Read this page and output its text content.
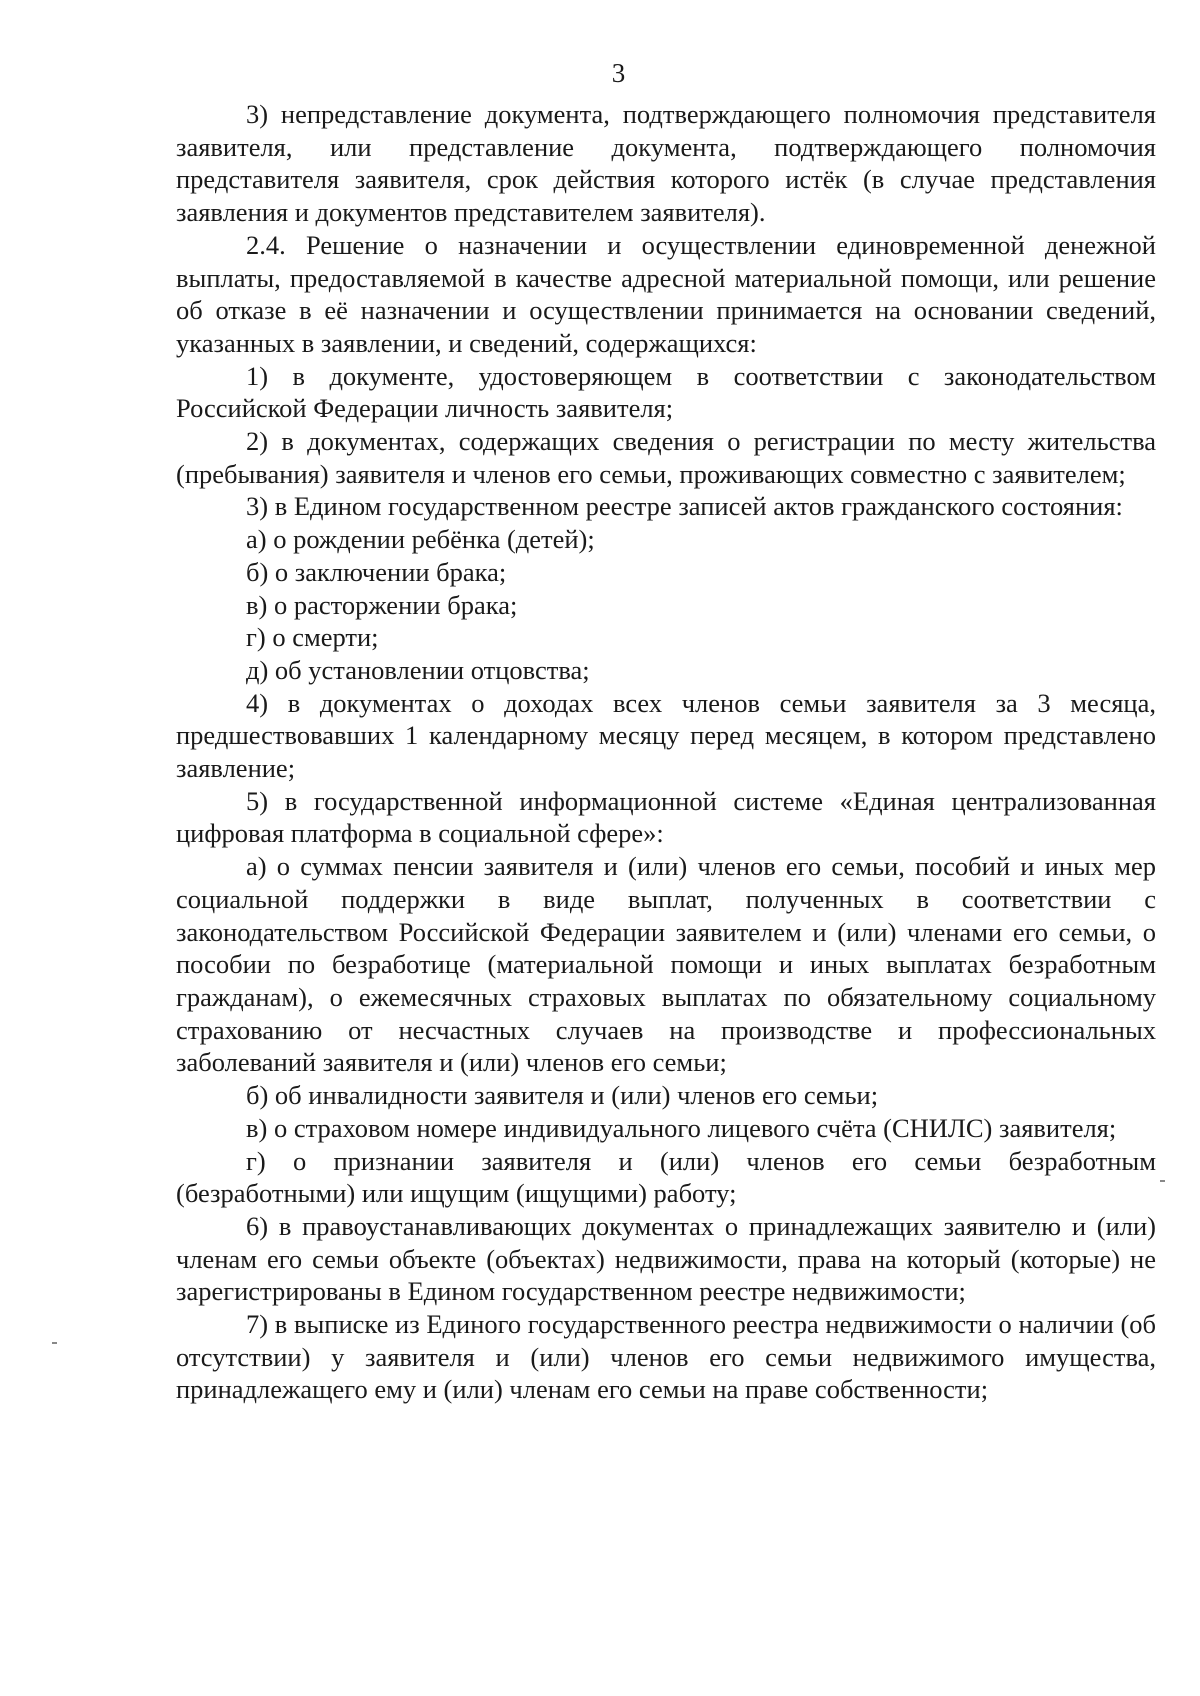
3

3) непредставление документа, подтверждающего полномочия представителя заявителя, или представление документа, подтверждающего полномочия представителя заявителя, срок действия которого истёк (в случае представления заявления и документов представителем заявителя).

2.4. Решение о назначении и осуществлении единовременной денежной выплаты, предоставляемой в качестве адресной материальной помощи, или решение об отказе в её назначении и осуществлении принимается на основании сведений, указанных в заявлении, и сведений, содержащихся:

1) в документе, удостоверяющем в соответствии с законодательством Российской Федерации личность заявителя;

2) в документах, содержащих сведения о регистрации по месту жительства (пребывания) заявителя и членов его семьи, проживающих совместно с заявителем;

3) в Едином государственном реестре записей актов гражданского состояния:

а) о рождении ребёнка (детей);

б) о заключении брака;

в) о расторжении брака;

г) о смерти;

д) об установлении отцовства;

4) в документах о доходах всех членов семьи заявителя за 3 месяца, предшествовавших 1 календарному месяцу перед месяцем, в котором представлено заявление;

5) в государственной информационной системе «Единая централизованная цифровая платформа в социальной сфере»:

а) о суммах пенсии заявителя и (или) членов его семьи, пособий и иных мер социальной поддержки в виде выплат, полученных в соответствии с законодательством Российской Федерации заявителем и (или) членами его семьи, о пособии по безработице (материальной помощи и иных выплатах безработным гражданам), о ежемесячных страховых выплатах по обязательному социальному страхованию от несчастных случаев на производстве и профессиональных заболеваний заявителя и (или) членов его семьи;

б) об инвалидности заявителя и (или) членов его семьи;

в) о страховом номере индивидуального лицевого счёта (СНИЛС) заявителя;

г) о признании заявителя и (или) членов его семьи безработным (безработными) или ищущим (ищущими) работу;

6) в правоустанавливающих документах о принадлежащих заявителю и (или) членам его семьи объекте (объектах) недвижимости, права на который (которые) не зарегистрированы в Едином государственном реестре недвижимости;

7) в выписке из Единого государственного реестра недвижимости о наличии (об отсутствии) у заявителя и (или) членов его семьи недвижимого имущества, принадлежащего ему и (или) членам его семьи на праве собственности;
